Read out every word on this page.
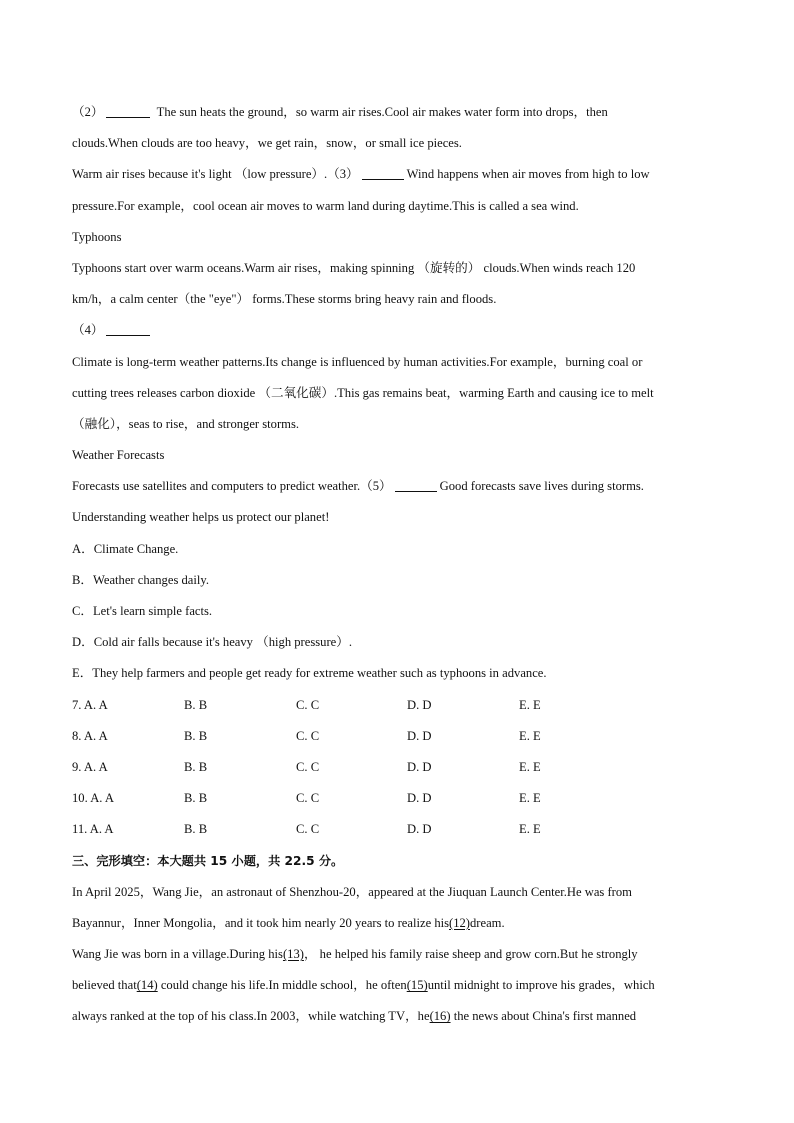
（2）	The sun heats the ground，so warm air rises.Cool air makes water form into drops，then
clouds.When clouds are too heavy，we get rain，snow，or small ice pieces.
Warm air rises because it's light （low pressure）.（3）	Wind happens when air moves from high to low
pressure.For example，cool ocean air moves to warm land during daytime.This is called a sea wind.
Typhoons
Typhoons start over warm oceans.Warm air rises，making spinning （旋转的） clouds.When winds reach 120
km/h，a calm center（the "eye"） forms.These storms bring heavy rain and floods.
（4）
Climate is long-term weather patterns.Its change is influenced by human activities.For example，burning coal or
cutting trees releases carbon dioxide （二氧化碳）.This gas remains beat，warming Earth and causing ice to melt
（融化），seas to rise，and stronger storms.
Weather Forecasts
Forecasts use satellites and computers to predict weather.（5）	Good forecasts save lives during storms.
Understanding weather helps us protect our planet!
A．Climate Change.
B．Weather changes daily.
C．Let's learn simple facts.
D．Cold air falls because it's heavy （high pressure）.
E．They help farmers and people get ready for extreme weather such as typhoons in advance.
7. A. A	B. B	C. C	D. D	E. E
8. A. A	B. B	C. C	D. D	E. E
9. A. A	B. B	C. C	D. D	E. E
10. A. A	B. B	C. C	D. D	E. E
11. A. A	B. B	C. C	D. D	E. E
三、完形填空：本大题共 15 小题，共 22.5 分。
In April 2025，Wang Jie，an astronaut of Shenzhou-20，appeared at the Jiuquan Launch Center.He was from
Bayannur，Inner Mongolia，and it took him nearly 20 years to realize his(12)dream.
Wang Jie was born in a village.During his(13)， he helped his family raise sheep and grow corn.But he strongly
believed that(14) could change his life.In middle school，he often(15)until midnight to improve his grades，which
always ranked at the top of his class.In 2003，while watching TV，he(16) the news about China's first manned
